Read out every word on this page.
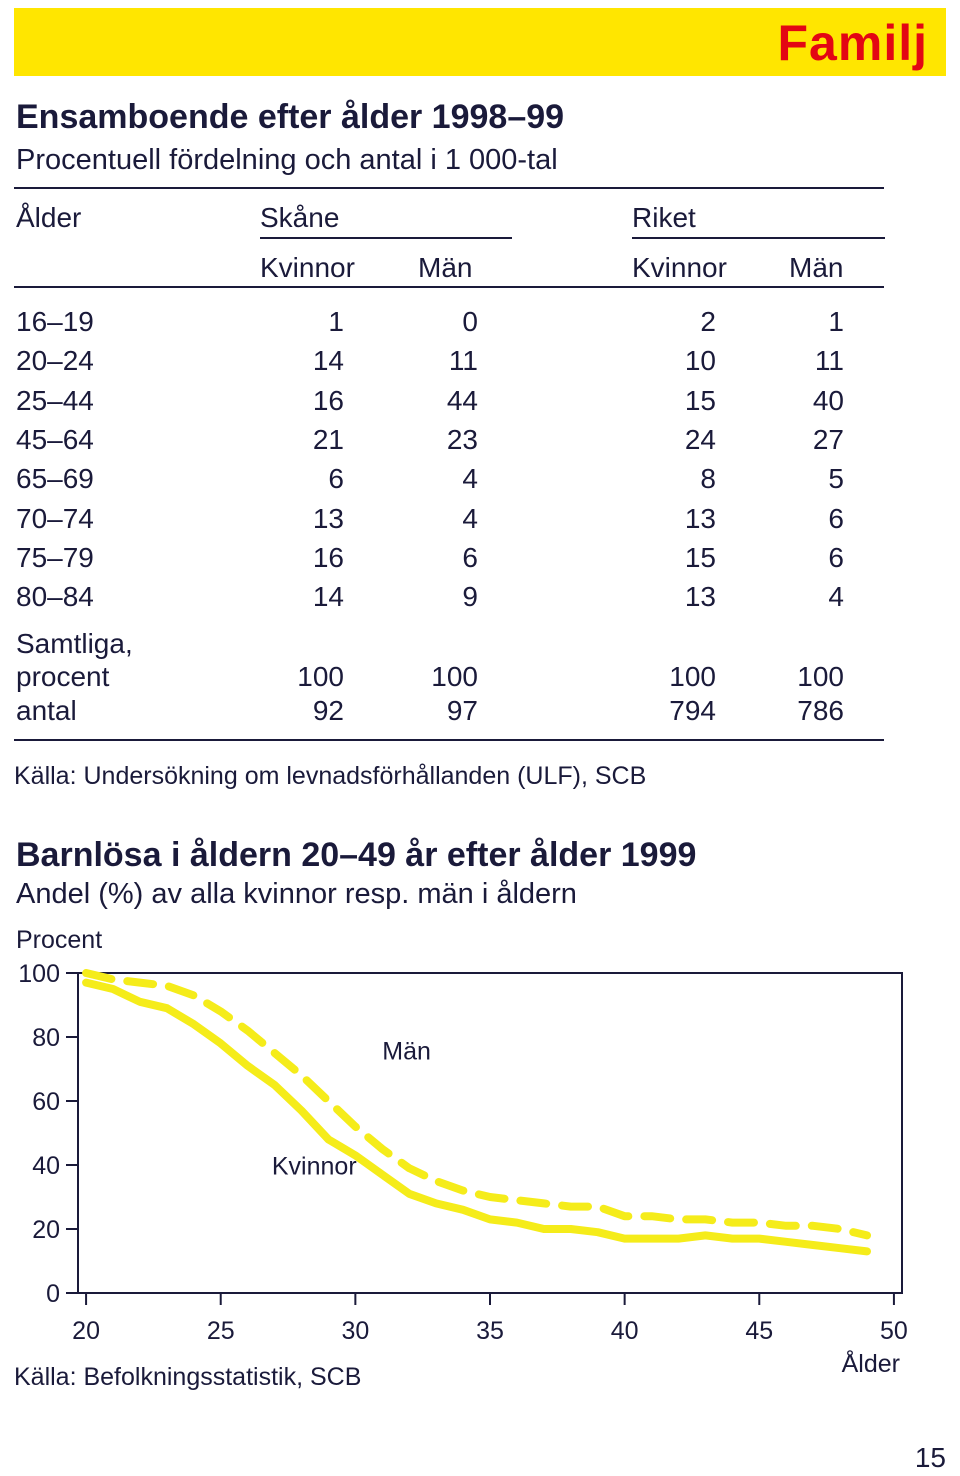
Familj
Ensamboende efter ålder 1998–99
Procentuell fördelning och antal i 1 000-tal
Ålder	Skåne	Riket
Kvinnor Män	Kvinnor Män
16–19	1	0	2	1
20–24	14	11	10	11
25–44	16	44	15	40
45–64	21	23	24	27
65–69	6	4	8	5
70–74	13	4	13	6
75–79	16	6	15	6
80–84	14	9	13	4
Samtliga,
procent	100	100	100	100
antal	92	97	794	786
Källa: Undersökning om levnadsförhållanden (ULF), SCB
Barnlösa i åldern 20–49 år efter ålder 1999
Andel (%) av alla kvinnor resp. män i åldern
Procent
0
20
40
60
80
100
20	25	30	35	40	45	50
Män
Kvinnor
Ålder
Källa: Befolkningsstatistik, SCB
15
